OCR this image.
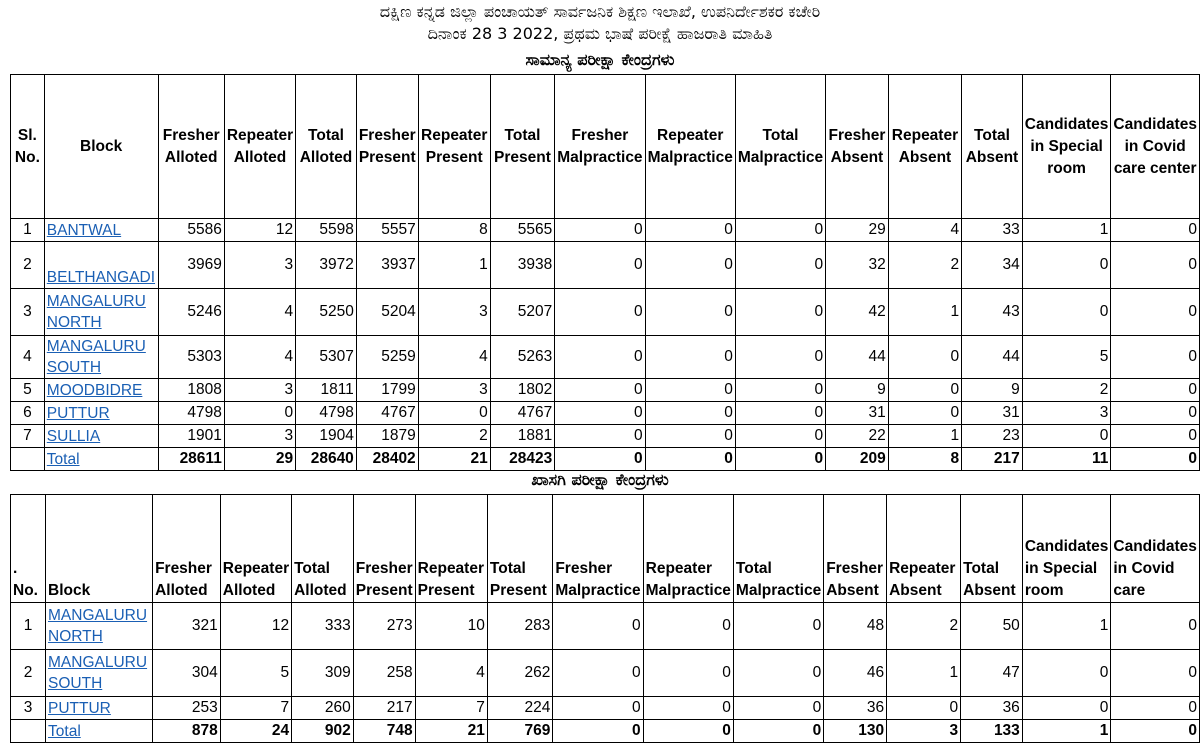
ದಕ್ಷಿಣ ಕನ್ನಡ ಜಿಲ್ಲಾ ಪಂಚಾಯತ್ ಸಾರ್ವಜನಿಕ ಶಿಕ್ಷಣ ಇಲಾಖೆ, ಉಪನಿರ್ದೇಶಕರ ಕಚೇರಿ
ದಿನಾಂಕ 28 3 2022, ಪ್ರಥಮ ಭಾಷೆ ಪರೀಕ್ಷೆ ಹಾಜರಾತಿ ಮಾಹಿತಿ
ಸಾಮಾನ್ಯ ಪರೀಕ್ಷಾ ಕೇಂದ್ರಗಳು
Sl. No.	Block	Fresher Alloted	Repeater Alloted	Total Alloted	Fresher Present	Repeater Present	Total Present	Fresher Malpractice	Repeater Malpractice	Total Malpractice	Fresher Absent	Repeater Absent	Total Absent	Candidates in Special room	Candidates in Covid care center
1	BANTWAL	5586	12	5598	5557	8	5565	0	0	0	29	4	33	1	0
2	BELTHANGADI	3969	3	3972	3937	1	3938	0	0	0	32	2	34	0	0
3	MANGALURU NORTH	5246	4	5250	5204	3	5207	0	0	0	42	1	43	0	0
4	MANGALURU SOUTH	5303	4	5307	5259	4	5263	0	0	0	44	0	44	5	0
5	MOODBIDRE	1808	3	1811	1799	3	1802	0	0	0	9	0	9	2	0
6	PUTTUR	4798	0	4798	4767	0	4767	0	0	0	31	0	31	3	0
7	SULLIA	1901	3	1904	1879	2	1881	0	0	0	22	1	23	0	0
	Total	28611	29	28640	28402	21	28423	0	0	0	209	8	217	11	0
ಖಾಸಗಿ ಪರೀಕ್ಷಾ ಕೇಂದ್ರಗಳು
. No.	Block	Fresher Alloted	Repeater Alloted	Total Alloted	Fresher Present	Repeater Present	Total Present	Fresher Malpractice	Repeater Malpractice	Total Malpractice	Fresher Absent	Repeater Absent	Total Absent	Candidates in Special room	Candidates in Covid care
1	MANGALURU NORTH	321	12	333	273	10	283	0	0	0	48	2	50	1	0
2	MANGALURU SOUTH	304	5	309	258	4	262	0	0	0	46	1	47	0	0
3	PUTTUR	253	7	260	217	7	224	0	0	0	36	0	36	0	0
	Total	878	24	902	748	21	769	0	0	0	130	3	133	1	0
